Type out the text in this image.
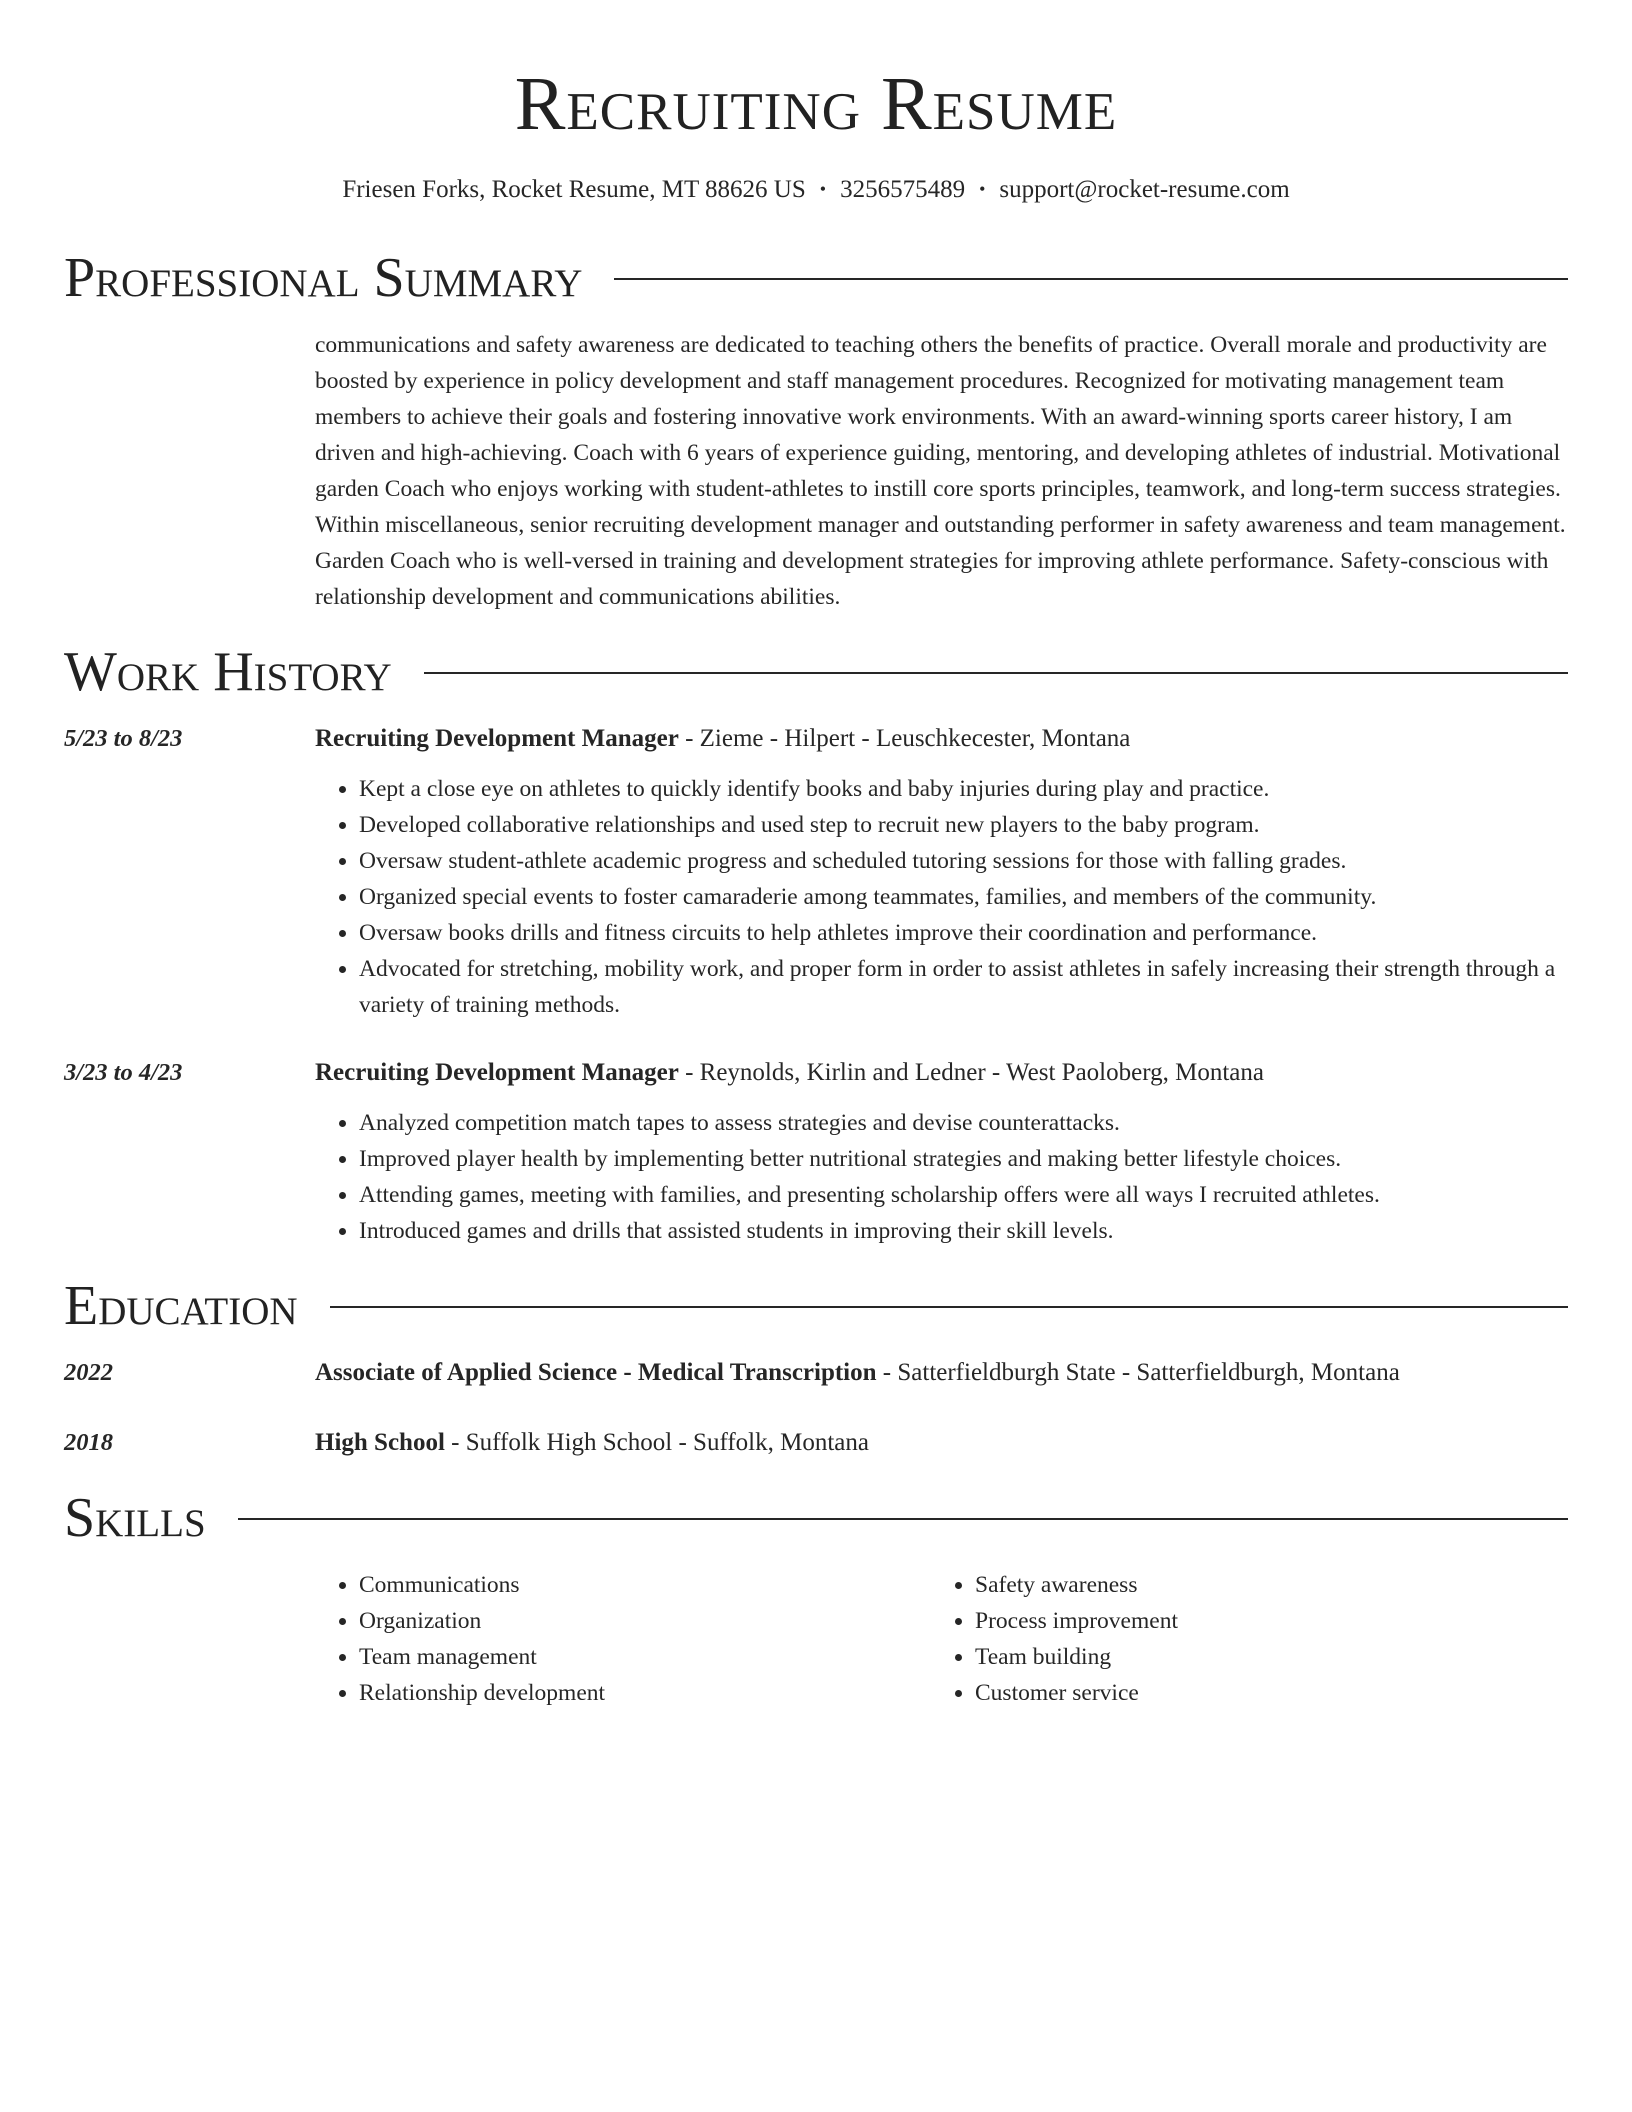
Recruiting Resume
Friesen Forks, Rocket Resume, MT 88626 US • 3256575489 • support@rocket-resume.com
Professional Summary
communications and safety awareness are dedicated to teaching others the benefits of practice. Overall morale and productivity are boosted by experience in policy development and staff management procedures. Recognized for motivating management team members to achieve their goals and fostering innovative work environments. With an award-winning sports career history, I am driven and high-achieving. Coach with 6 years of experience guiding, mentoring, and developing athletes of industrial. Motivational garden Coach who enjoys working with student-athletes to instill core sports principles, teamwork, and long-term success strategies. Within miscellaneous, senior recruiting development manager and outstanding performer in safety awareness and team management. Garden Coach who is well-versed in training and development strategies for improving athlete performance. Safety-conscious with relationship development and communications abilities.
Work History
5/23 to 8/23	Recruiting Development Manager - Zieme - Hilpert - Leuschkecester, Montana
• Kept a close eye on athletes to quickly identify books and baby injuries during play and practice.
• Developed collaborative relationships and used step to recruit new players to the baby program.
• Oversaw student-athlete academic progress and scheduled tutoring sessions for those with falling grades.
• Organized special events to foster camaraderie among teammates, families, and members of the community.
• Oversaw books drills and fitness circuits to help athletes improve their coordination and performance.
• Advocated for stretching, mobility work, and proper form in order to assist athletes in safely increasing their strength through a variety of training methods.
3/23 to 4/23	Recruiting Development Manager - Reynolds, Kirlin and Ledner - West Paoloberg, Montana
• Analyzed competition match tapes to assess strategies and devise counterattacks.
• Improved player health by implementing better nutritional strategies and making better lifestyle choices.
• Attending games, meeting with families, and presenting scholarship offers were all ways I recruited athletes.
• Introduced games and drills that assisted students in improving their skill levels.
Education
2022	Associate of Applied Science - Medical Transcription - Satterfieldburgh State - Satterfieldburgh, Montana
2018	High School - Suffolk High School - Suffolk, Montana
Skills
• Communications
• Organization
• Team management
• Relationship development
• Safety awareness
• Process improvement
• Team building
• Customer service
